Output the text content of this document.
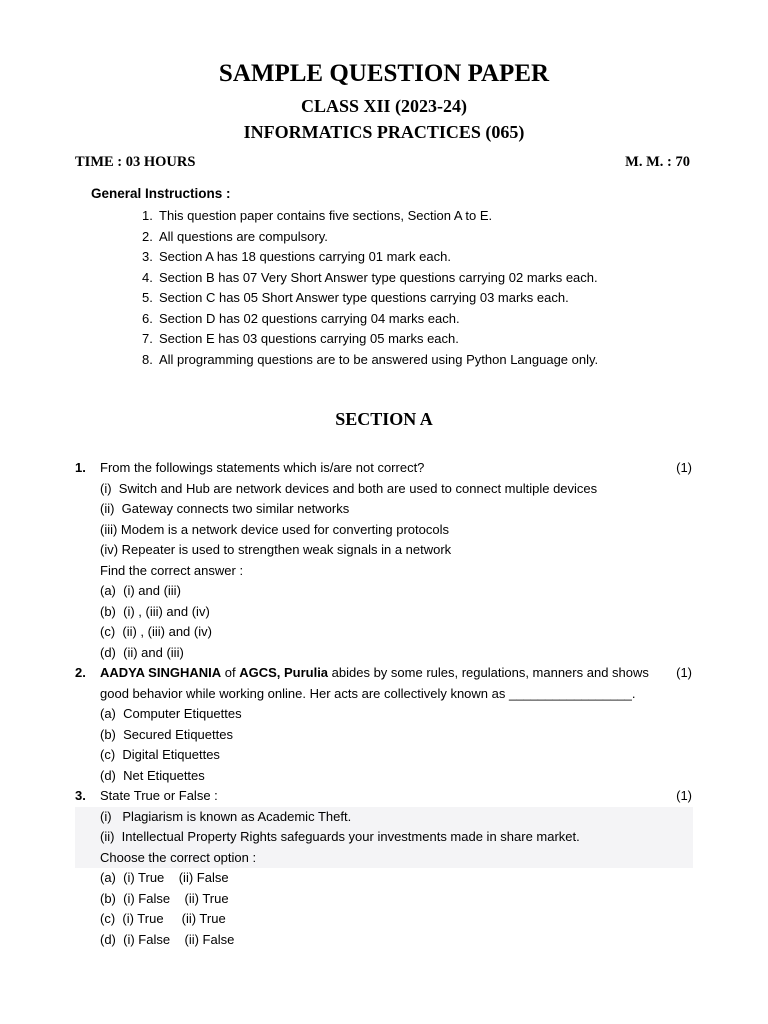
SAMPLE QUESTION PAPER
CLASS XII (2023-24)
INFORMATICS PRACTICES (065)
TIME : 03 HOURS	M. M. : 70
General Instructions :
1. This question paper contains five sections, Section A to E.
2. All questions are compulsory.
3. Section A has 18 questions carrying 01 mark each.
4. Section B has 07 Very Short Answer type questions carrying 02 marks each.
5. Section C has 05 Short Answer type questions carrying 03 marks each.
6. Section D has 02 questions carrying 04 marks each.
7. Section E has 03 questions carrying 05 marks each.
8. All programming questions are to be answered using Python Language only.
SECTION A
1. From the followings statements which is/are not correct?	(1)
(i)  Switch and Hub are network devices and both are used to connect multiple devices
(ii)  Gateway connects two similar networks
(iii) Modem is a network device used for converting protocols
(iv) Repeater is used to strengthen weak signals in a network
Find the correct answer :
(a)  (i) and (iii)
(b)  (i) , (iii) and (iv)
(c)  (ii) , (iii) and (iv)
(d)  (ii) and (iii)
2. AADYA SINGHANIA of AGCS, Purulia abides by some rules, regulations, manners and shows (1)
good behavior while working online. Her acts are collectively known as _________________.
(a)  Computer Etiquettes
(b)  Secured Etiquettes
(c)  Digital Etiquettes
(d)  Net Etiquettes
3. State True or False :	(1)
(i)   Plagiarism is known as Academic Theft.
(ii)  Intellectual Property Rights safeguards your investments made in share market.
Choose the correct option :
(a)  (i) True    (ii) False
(b)  (i) False    (ii) True
(c)  (i) True     (ii) True
(d)  (i) False    (ii) False
